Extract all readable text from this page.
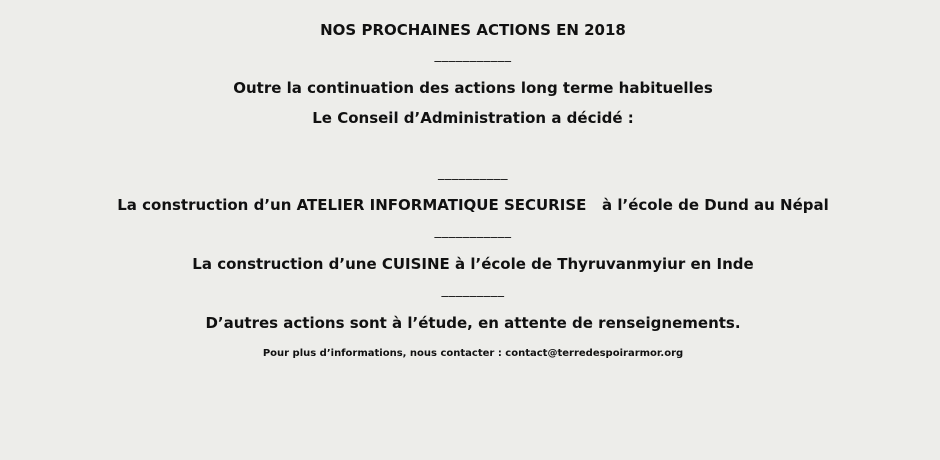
NOS PROCHAINES ACTIONS EN 2018
___________
Outre la continuation des actions long terme habituelles
Le Conseil d’Administration a décidé :
__________
La construction d’un ATELIER INFORMATIQUE SECURISE   à l’école de Dund au Népal
___________
La construction d’une CUISINE à l’école de Thyruvanmyiur en Inde
_________
D’autres actions sont à l’étude, en attente de renseignements.
Pour plus d’informations, nous contacter : contact@terredespoirarmor.org
